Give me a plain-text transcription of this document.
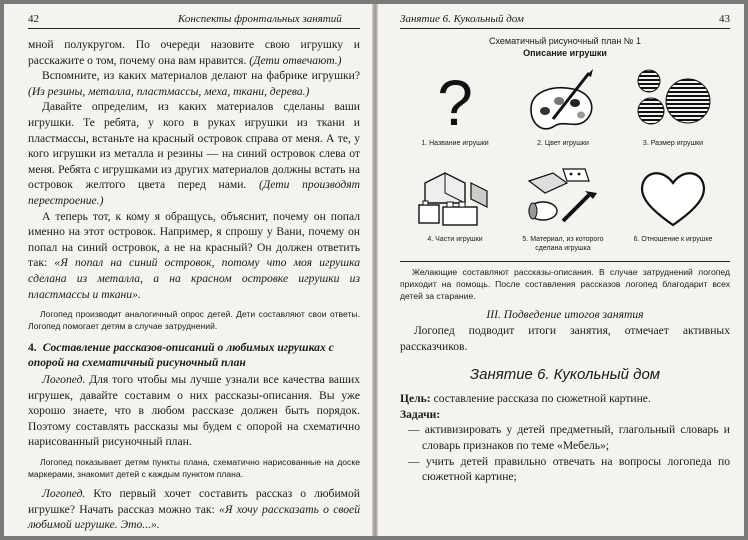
42	Конспекты фронтальных занятий

мной полукругом. По очереди назовите свою игрушку и расскажите о том, почему она вам нравится. (Дети отвечают.)

Вспомните, из каких материалов делают на фабрике игрушки? (Из резины, металла, пластмассы, меха, ткани, дерева.)

Давайте определим, из каких материалов сделаны ваши игрушки. Те ребята, у кого в руках игрушки из ткани и пластмассы, встаньте на красный островок справа от меня. А те, у кого игрушки из металла и резины — на синий островок слева от меня. Ребята с игрушками из других материалов должны встать на островок желтого цвета перед нами. (Дети производят перестроение.)

А теперь тот, к кому я обращусь, объяснит, почему он попал именно на этот островок. Например, я спрошу у Вани, почему он попал на синий островок, а не на красный? Он должен ответить так: «Я попал на синий островок, потому что моя игрушка сделана из металла, а на красном островке игрушки из пластмассы и ткани».

Логопед производит аналогичный опрос детей. Дети составляют свои ответы. Логопед помогает детям в случае затруднений.

4. Составление рассказов-описаний о любимых игрушках с опорой на схематичный рисуночный план

Логопед. Для того чтобы мы лучше узнали все качества ваших игрушек, давайте составим о них рассказы-описания. Вы уже хорошо знаете, что в любом рассказе должен быть порядок. Поэтому составлять рассказы мы будем с опорой на схематично нарисованный рисуночный план.

Логопед показывает детям пункты плана, схематично нарисованные на доске маркерами, знакомит детей с каждым пунктом плана.

Логопед. Кто первый хочет составить рассказ о любимой игрушке? Начать рассказ можно так: «Я хочу рассказать о своей любимой игрушке. Это...».

Занятие 6. Кукольный дом	43
Схематичный рисуночный план № 1
Описание игрушки
?
1. Название игрушки	2. Цвет игрушки	3. Размер игрушки
4. Части игрушки	5. Материал, из которого сделана игрушка
6. Отношение к игрушке

Желающие составляют рассказы-описания. В случае затруднений логопед приходит на помощь. После составления рассказов логопед благодарит всех детей за старание.

III. Подведение итогов занятия

Логопед подводит итоги занятия, отмечает активных рассказчиков.

Занятие 6. Кукольный дом

Цель: составление рассказа по сюжетной картине.

Задачи:

— активизировать у детей предметный, глагольный словарь и словарь признаков по теме «Мебель»;
— учить детей правильно отвечать на вопросы логопеда по сюжетной картине;
